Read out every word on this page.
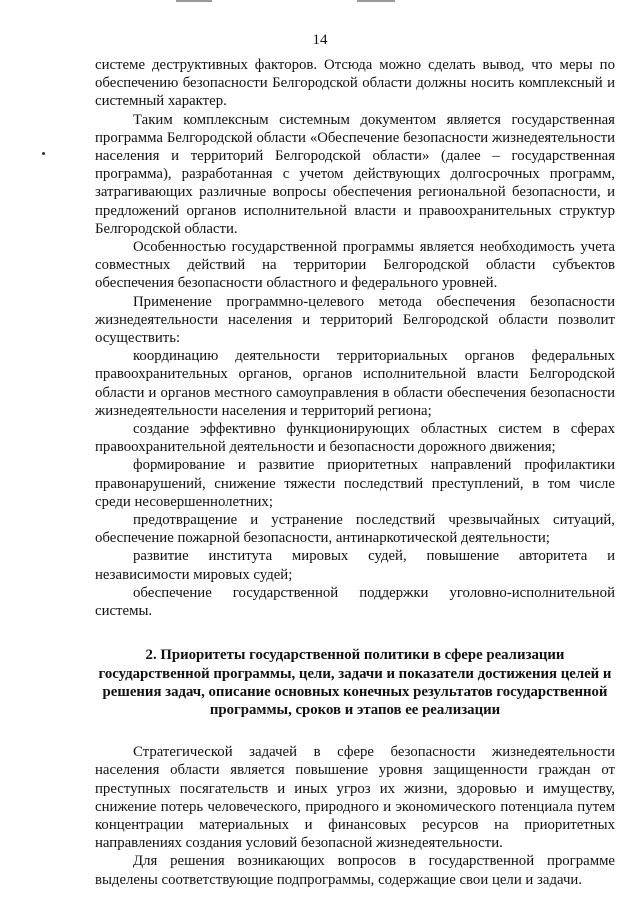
14

системе деструктивных факторов. Отсюда можно сделать вывод, что меры по обеспечению безопасности Белгородской области должны носить комплексный и системный характер.

Таким комплексным системным документом является государственная программа Белгородской области «Обеспечение безопасности жизнедеятельности населения и территорий Белгородской области» (далее – государственная программа), разработанная с учетом действующих долгосрочных программ, затрагивающих различные вопросы обеспечения региональной безопасности, и предложений органов исполнительной власти и правоохранительных структур Белгородской области.

Особенностью государственной программы является необходимость учета совместных действий на территории Белгородской области субъектов обеспечения безопасности областного и федерального уровней.

Применение программно-целевого метода обеспечения безопасности жизнедеятельности населения и территорий Белгородской области позволит осуществить:

координацию деятельности территориальных органов федеральных правоохранительных органов, органов исполнительной власти Белгородской области и органов местного самоуправления в области обеспечения безопасности жизнедеятельности населения и территорий региона;

создание эффективно функционирующих областных систем в сферах правоохранительной деятельности и безопасности дорожного движения;

формирование и развитие приоритетных направлений профилактики правонарушений, снижение тяжести последствий преступлений, в том числе среди несовершеннолетних;

предотвращение и устранение последствий чрезвычайных ситуаций, обеспечение пожарной безопасности, антинаркотической деятельности;

развитие института мировых судей, повышение авторитета и независимости мировых судей;

обеспечение государственной поддержки уголовно-исполнительной системы.

2. Приоритеты государственной политики в сфере реализации государственной программы, цели, задачи и показатели достижения целей и решения задач, описание основных конечных результатов государственной программы, сроков и этапов ее реализации

Стратегической задачей в сфере безопасности жизнедеятельности населения области является повышение уровня защищенности граждан от преступных посягательств и иных угроз их жизни, здоровью и имуществу, снижение потерь человеческого, природного и экономического потенциала путем концентрации материальных и финансовых ресурсов на приоритетных направлениях создания условий безопасной жизнедеятельности.

Для решения возникающих вопросов в государственной программе выделены соответствующие подпрограммы, содержащие свои цели и задачи.
